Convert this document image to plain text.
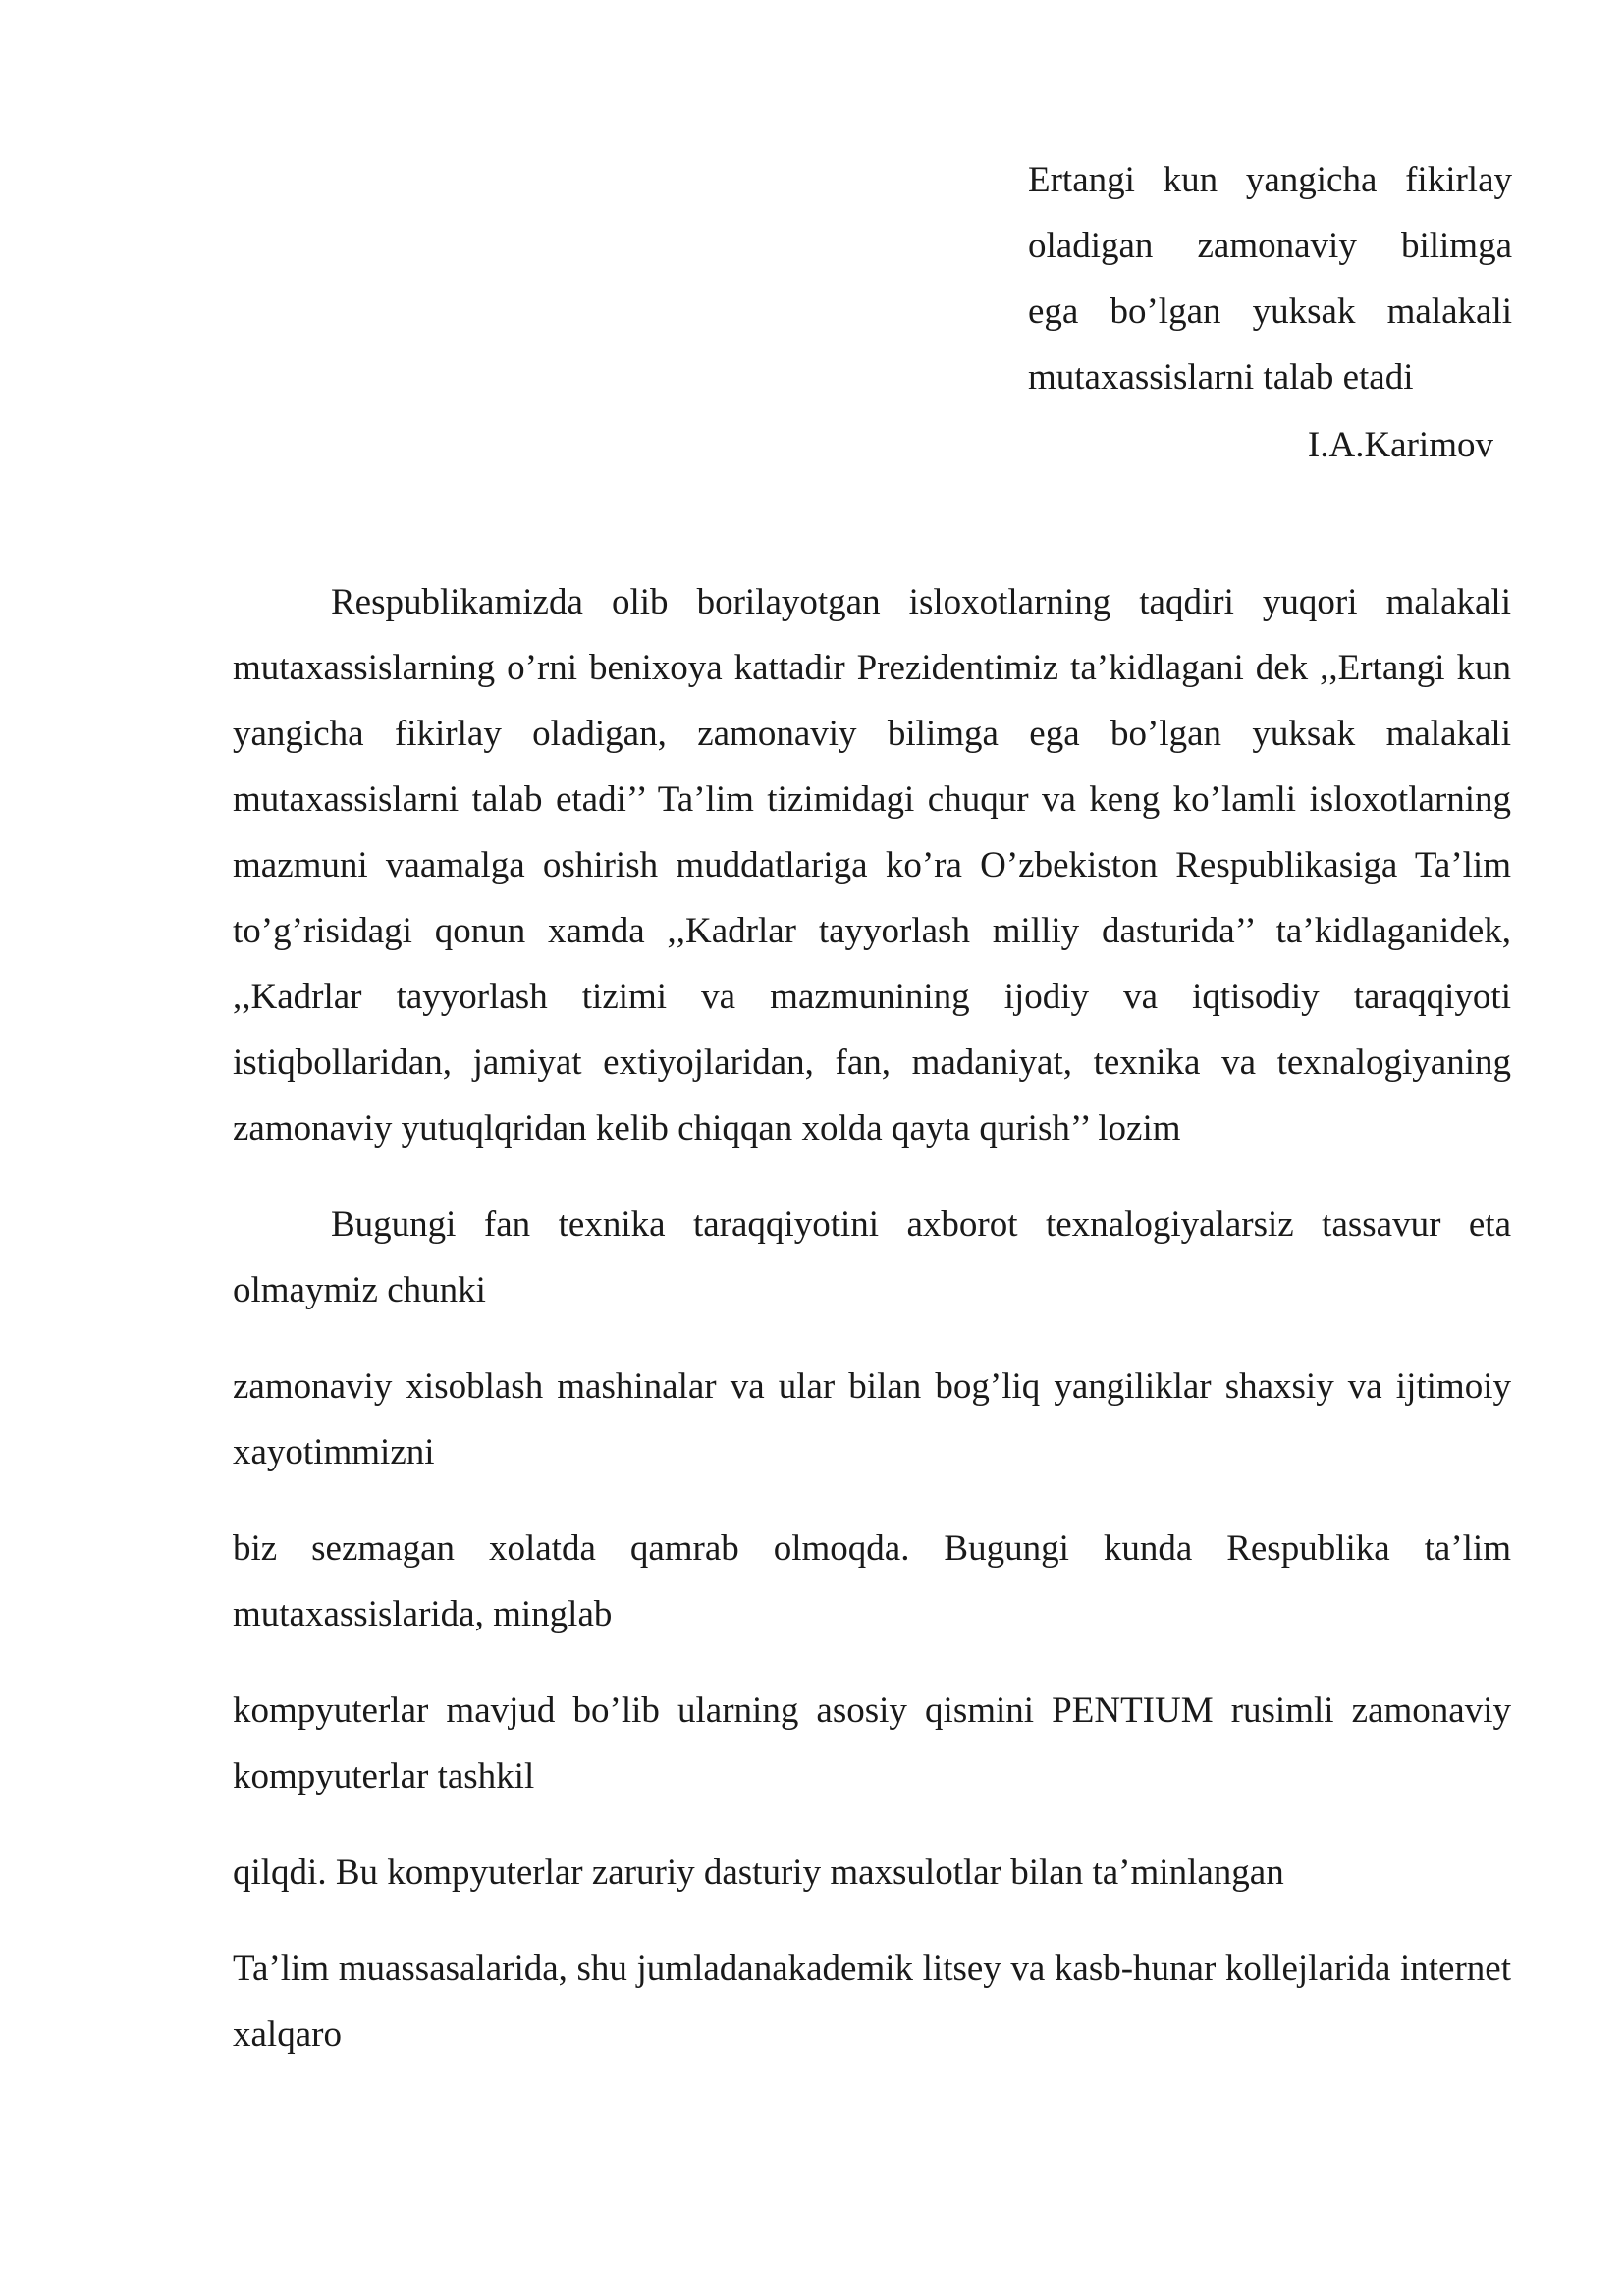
Ertangi kun yangicha fikirlay
oladigan zamonaviy bilimga
ega bo’lgan yuksak malakali
mutaxassislarni talab etadi
I.A.Karimov

Respublikamizda olib borilayotgan isloxotlarning taqdiri yuqori malakali mutaxassislarning o’rni benixoya kattadir Prezidentimiz ta’kidlagani dek ,,Ertangi kun yangicha fikirlay oladigan, zamonaviy bilimga ega bo’lgan yuksak malakali mutaxassislarni talab etadi’’ Ta’lim tizimidagi chuqur va keng ko’lamli isloxotlarning mazmuni vaamalga oshirish muddatlariga ko’ra O’zbekiston Respublikasiga Ta’lim to’g’risidagi qonun xamda ,,Kadrlar tayyorlash milliy dasturida’’ ta’kidlaganidek, ,,Kadrlar tayyorlash tizimi va mazmunining ijodiy va iqtisodiy taraqqiyoti istiqbollaridan, jamiyat extiyojlaridan, fan, madaniyat, texnika va texnalogiyaning zamonaviy yutuqlqridan kelib chiqqan xolda qayta qurish’’ lozim

Bugungi fan texnika taraqqiyotini axborot texnalogiyalarsiz tassavur eta olmaymiz chunki

zamonaviy xisoblash mashinalar va ular bilan bog’liq yangiliklar shaxsiy va ijtimoiy xayotimmizni

biz sezmagan xolatda qamrab olmoqda. Bugungi kunda Respublika ta’lim mutaxassislarida, minglab

kompyuterlar mavjud bo’lib ularning asosiy qismini PENTIUM rusimli zamonaviy kompyuterlar tashkil

qilqdi. Bu kompyuterlar zaruriy dasturiy maxsulotlar bilan ta’minlangan

Ta’lim muassasalarida, shu jumladanakademik litsey va kasb-hunar kollejlarida internet xalqaro
